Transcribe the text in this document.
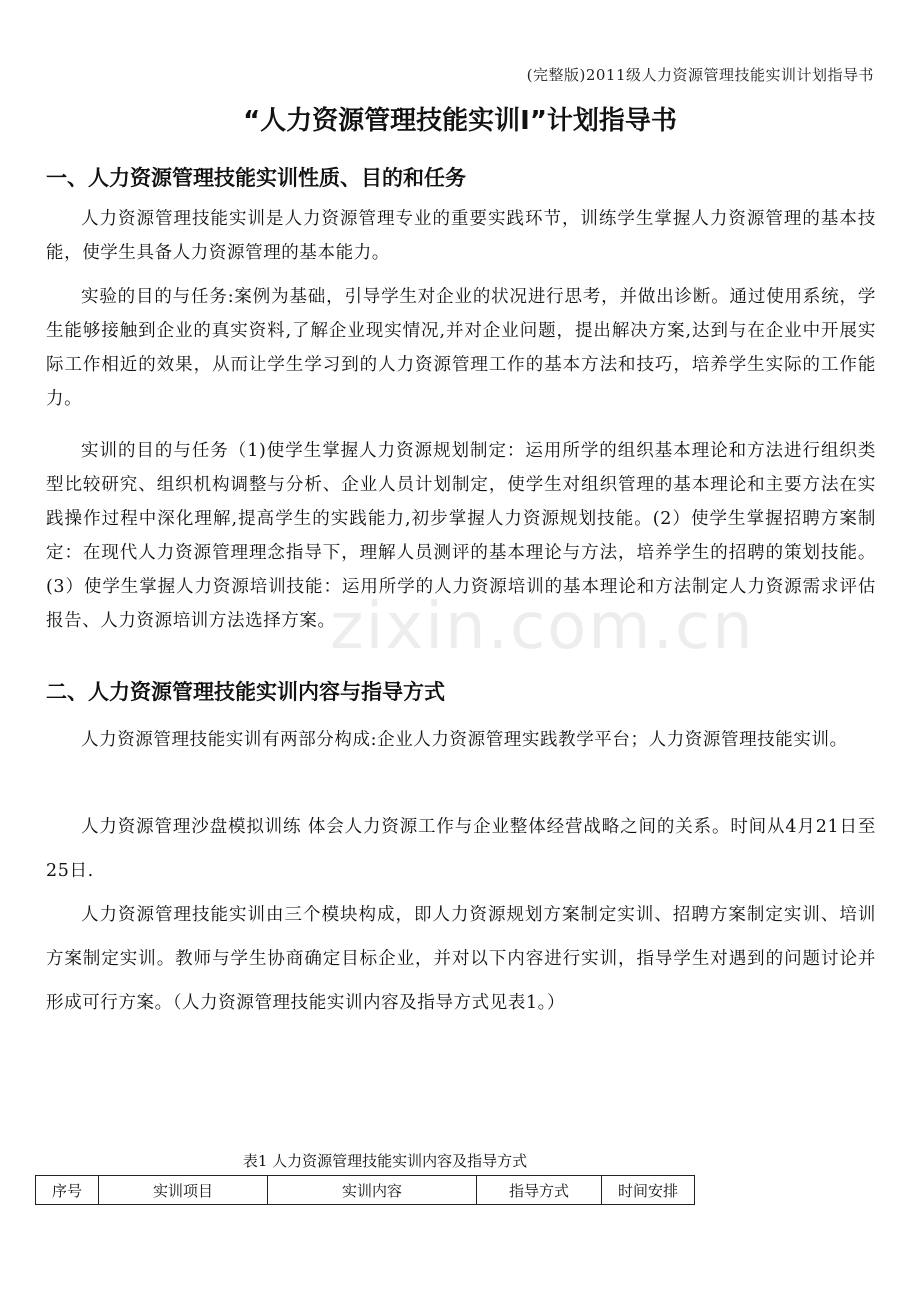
(完整版)2011级人力资源管理技能实训计划指导书
“人力资源管理技能实训Ⅰ”计划指导书
一、人力资源管理技能实训性质、目的和任务

人力资源管理技能实训是人力资源管理专业的重要实践环节，训练学生掌握人力资源管理的基本技能，使学生具备人力资源管理的基本能力。

实验的目的与任务:案例为基础，引导学生对企业的状况进行思考，并做出诊断。通过使用系统，学生能够接触到企业的真实资料,了解企业现实情况,并对企业问题，提出解决方案,达到与在企业中开展实际工作相近的效果，从而让学生学习到的人力资源管理工作的基本方法和技巧，培养学生实际的工作能力。

实训的目的与任务（1)使学生掌握人力资源规划制定：运用所学的组织基本理论和方法进行组织类型比较研究、组织机构调整与分析、企业人员计划制定，使学生对组织管理的基本理论和主要方法在实践操作过程中深化理解,提高学生的实践能力,初步掌握人力资源规划技能。(2）使学生掌握招聘方案制定：在现代人力资源管理理念指导下，理解人员测评的基本理论与方法，培养学生的招聘的策划技能。(3）使学生掌握人力资源培训技能：运用所学的人力资源培训的基本理论和方法制定人力资源需求评估报告、人力资源培训方法选择方案。

zixin.com.cn
二、人力资源管理技能实训内容与指导方式

人力资源管理技能实训有两部分构成:企业人力资源管理实践教学平台；人力资源管理技能实训。

人力资源管理沙盘模拟训练 体会人力资源工作与企业整体经营战略之间的关系。时间从4月21日至25日.

人力资源管理技能实训由三个模块构成，即人力资源规划方案制定实训、招聘方案制定实训、培训方案制定实训。教师与学生协商确定目标企业，并对以下内容进行实训，指导学生对遇到的问题讨论并形成可行方案。（人力资源管理技能实训内容及指导方式见表1。）

表1 人力资源管理技能实训内容及指导方式
序号	实训项目	实训内容	指导方式	时间安排
